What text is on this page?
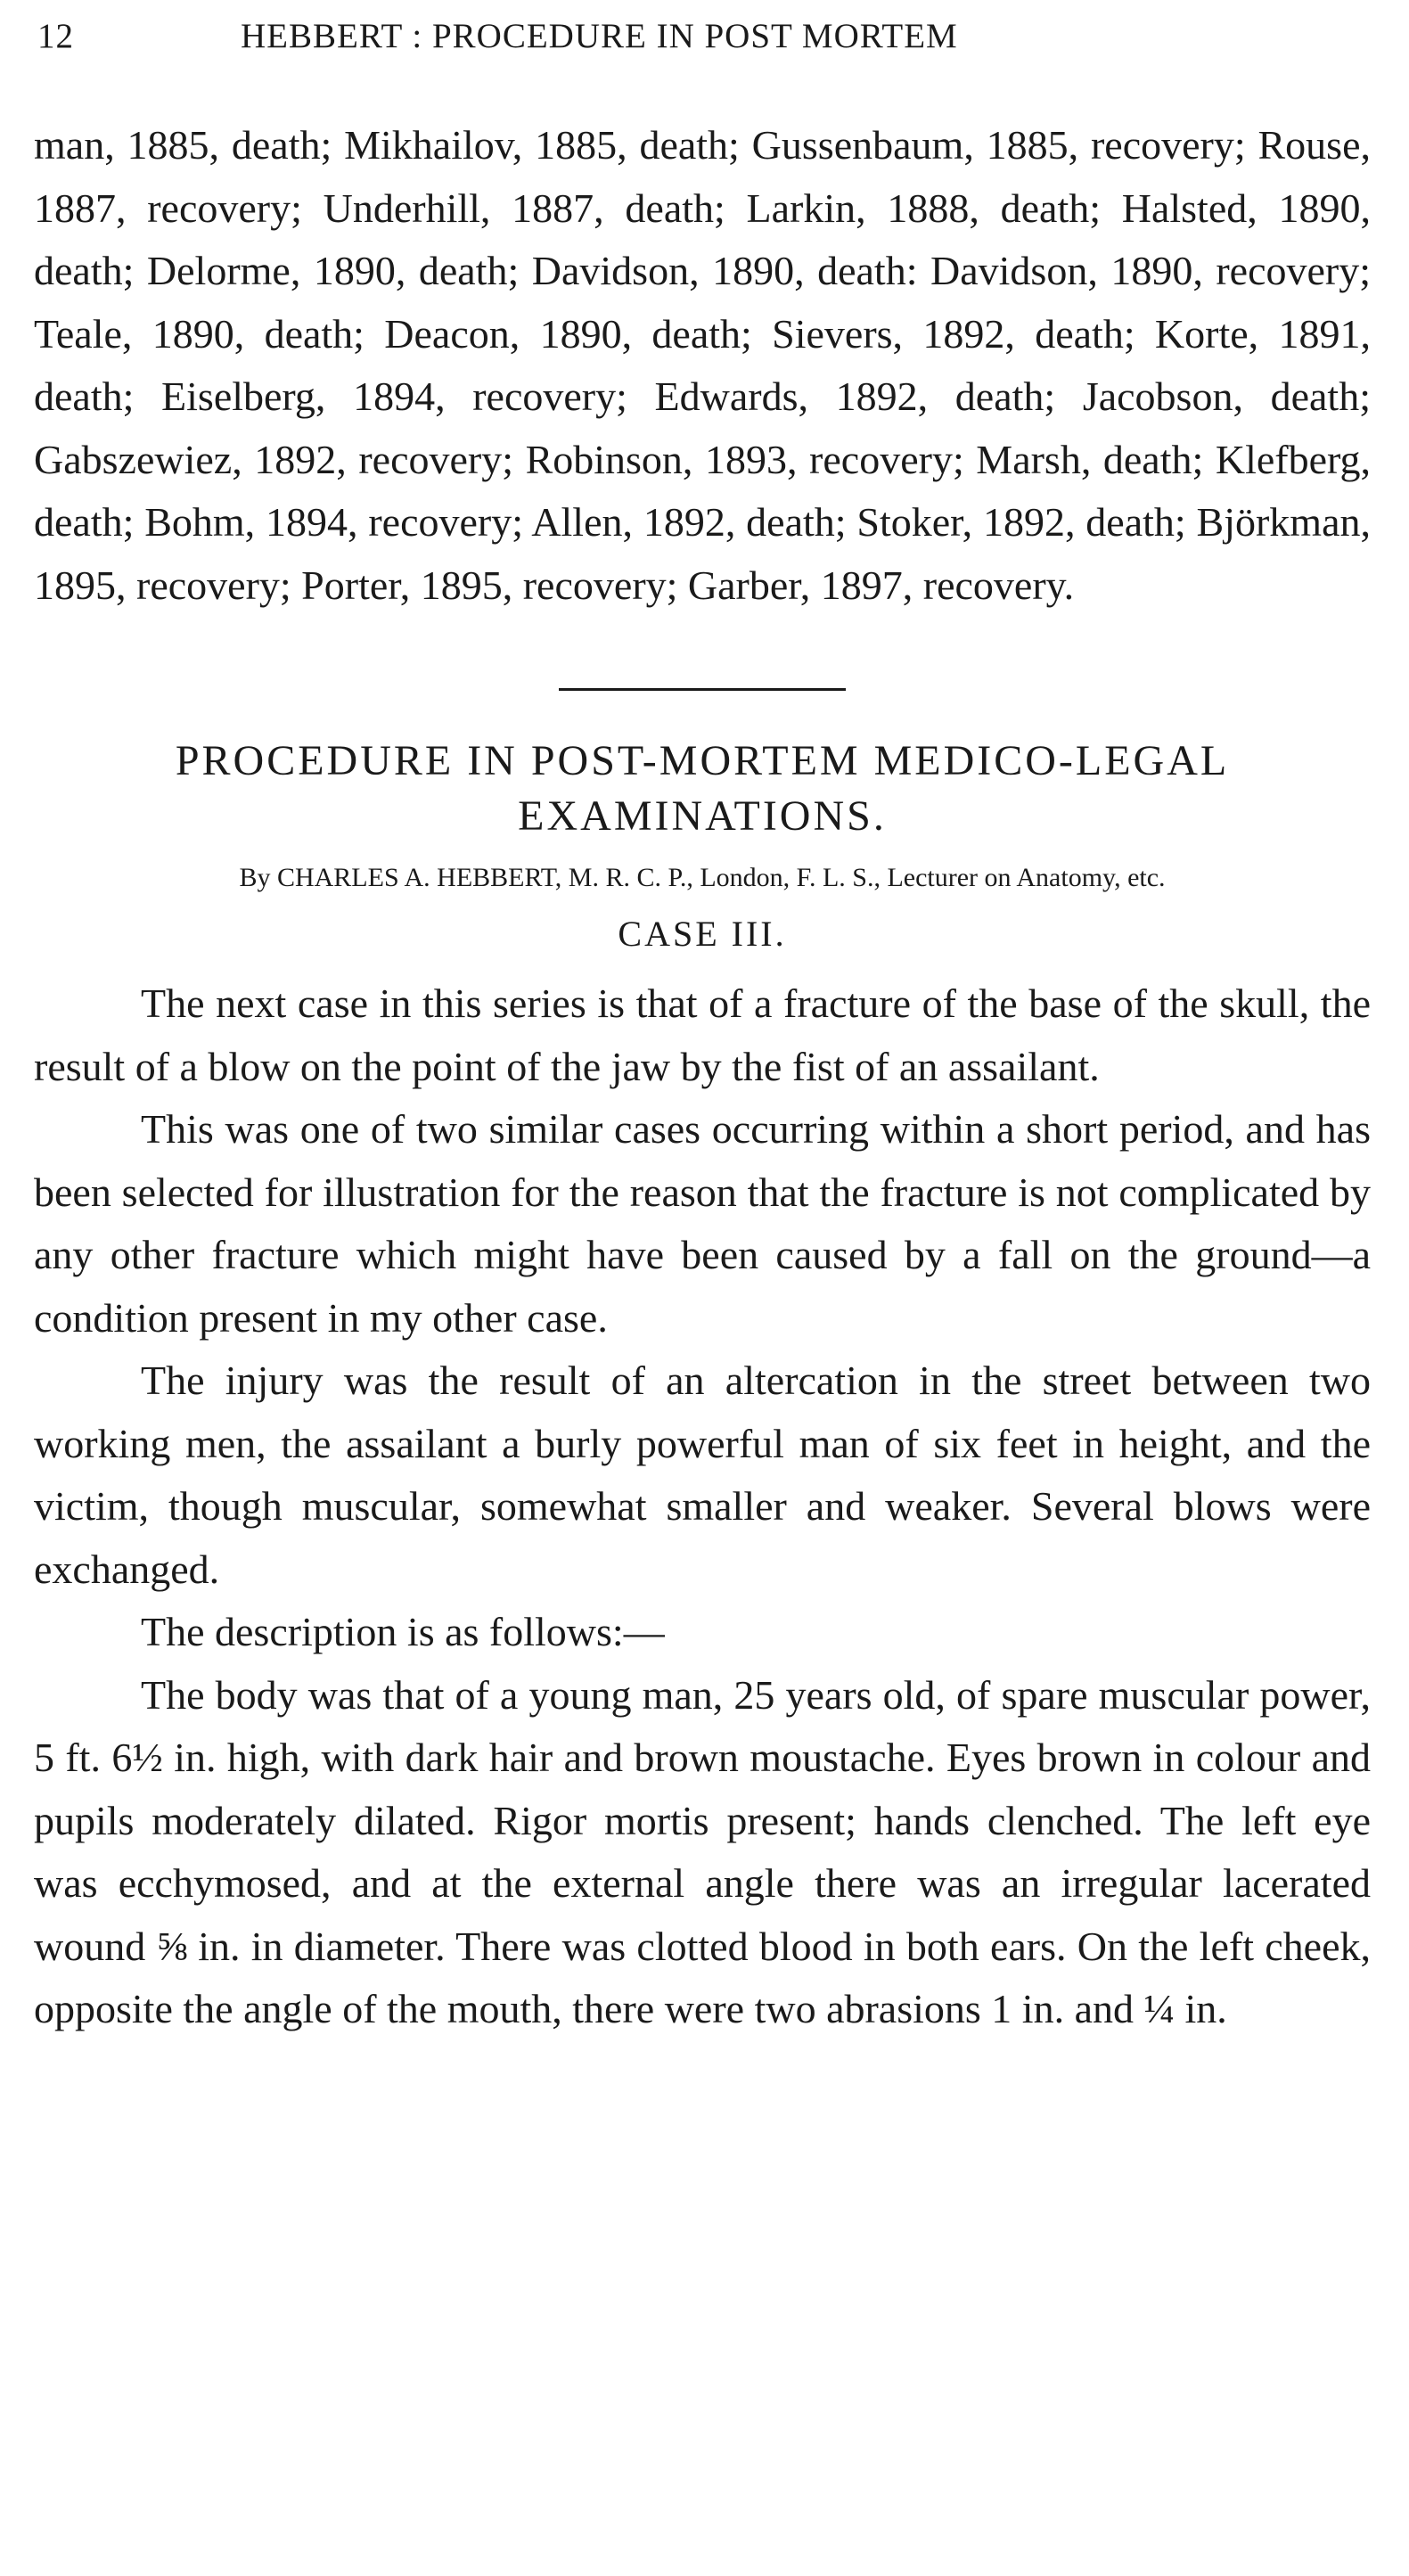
12	HEBBERT : PROCEDURE IN POST MORTEM

man, 1885, death; Mikhailov, 1885, death; Gussenbaum, 1885, recovery; Rouse, 1887, recovery; Underhill, 1887, death; Larkin, 1888, death; Halsted, 1890, death; Delorme, 1890, death; Davidson, 1890, death: Davidson, 1890, recovery; Teale, 1890, death; Deacon, 1890, death; Sievers, 1892, death; Korte, 1891, death; Eiselberg, 1894, recovery; Edwards, 1892, death; Jacobson, death; Gabszewiez, 1892, recovery; Robinson, 1893, recovery; Marsh, death; Klefberg, death; Bohm, 1894, recovery; Allen, 1892, death; Stoker, 1892, death; Björkman, 1895, recovery; Porter, 1895, recovery; Garber, 1897, recovery.

PROCEDURE IN POST-MORTEM MEDICO-LEGAL EXAMINATIONS.
By CHARLES A. HEBBERT, M. R. C. P., London, F. L. S., Lecturer on Anatomy, etc.
CASE III.

The next case in this series is that of a fracture of the base of the skull, the result of a blow on the point of the jaw by the fist of an assailant.

This was one of two similar cases occurring within a short period, and has been selected for illustration for the reason that the fracture is not complicated by any other fracture which might have been caused by a fall on the ground—a condition present in my other case.

The injury was the result of an altercation in the street between two working men, the assailant a burly powerful man of six feet in height, and the victim, though muscular, somewhat smaller and weaker. Several blows were exchanged.

The description is as follows:—

The body was that of a young man, 25 years old, of spare muscular power, 5 ft. 6½ in. high, with dark hair and brown moustache. Eyes brown in colour and pupils moderately dilated. Rigor mortis present; hands clenched. The left eye was ecchymosed, and at the external angle there was an irregular lacerated wound ⅝ in. in diameter. There was clotted blood in both ears. On the left cheek, opposite the angle of the mouth, there were two abrasions 1 in. and ¼ in.
